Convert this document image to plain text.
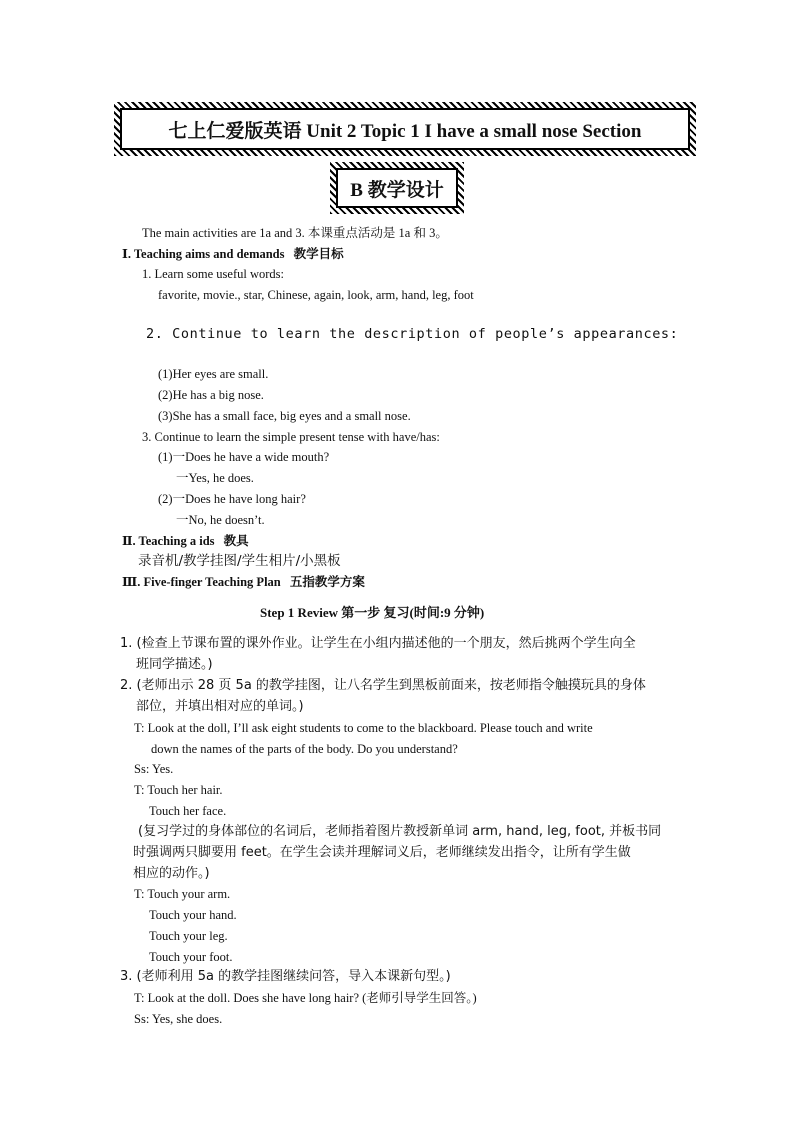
七上仁爱版英语 Unit 2 Topic 1 I have a small nose Section
B 教学设计
The main activities are 1a and 3. 本课重点活动是 1a 和 3。
Ⅰ. Teaching aims and demands 教学目标
1. Learn some useful words:
favorite, movie., star, Chinese, again, look, arm, hand, leg, foot
2. Continue to learn the description of people’s appearances:
(1)Her eyes are small.
(2)He has a big nose.
(3)She has a small face, big eyes and a small nose.
3. Continue to learn the simple present tense with have/has:
(1)一Does he have a wide mouth?
一Yes, he does.
(2)一Does he have long hair?
一No, he doesn’t.
Ⅱ. Teaching a ids 教具
录音机/教学挂图/学生相片/小黑板
Ⅲ. Five-finger Teaching Plan 五指教学方案
Step 1 Review 第一步 复习(时间:9 分钟)
1. (检查上节课布置的课外作业。让学生在小组内描述他的一个朋友，然后挑两个学生向全
班同学描述。)
2. (老师出示 28 页 5a 的教学挂图，让八名学生到黑板前面来，按老师指令触摸玩具的身体
部位，并填出相对应的单词。)
T: Look at the doll, I’ll ask eight students to come to the blackboard. Please touch and write
down the names of the parts of the body. Do you understand?
Ss: Yes.
T: Touch her hair.
Touch her face.
(复习学过的身体部位的名词后，老师指着图片教授新单词 arm, hand, leg, foot, 并板书同
时强调两只脚要用 feet。在学生会读并理解词义后，老师继续发出指令，让所有学生做
相应的动作。)
T: Touch your arm.
Touch your hand.
Touch your leg.
Touch your foot.
3. (老师利用 5a 的教学挂图继续问答，导入本课新句型。)
T: Look at the doll. Does she have long hair? (老师引导学生回答。)
Ss: Yes, she does.
